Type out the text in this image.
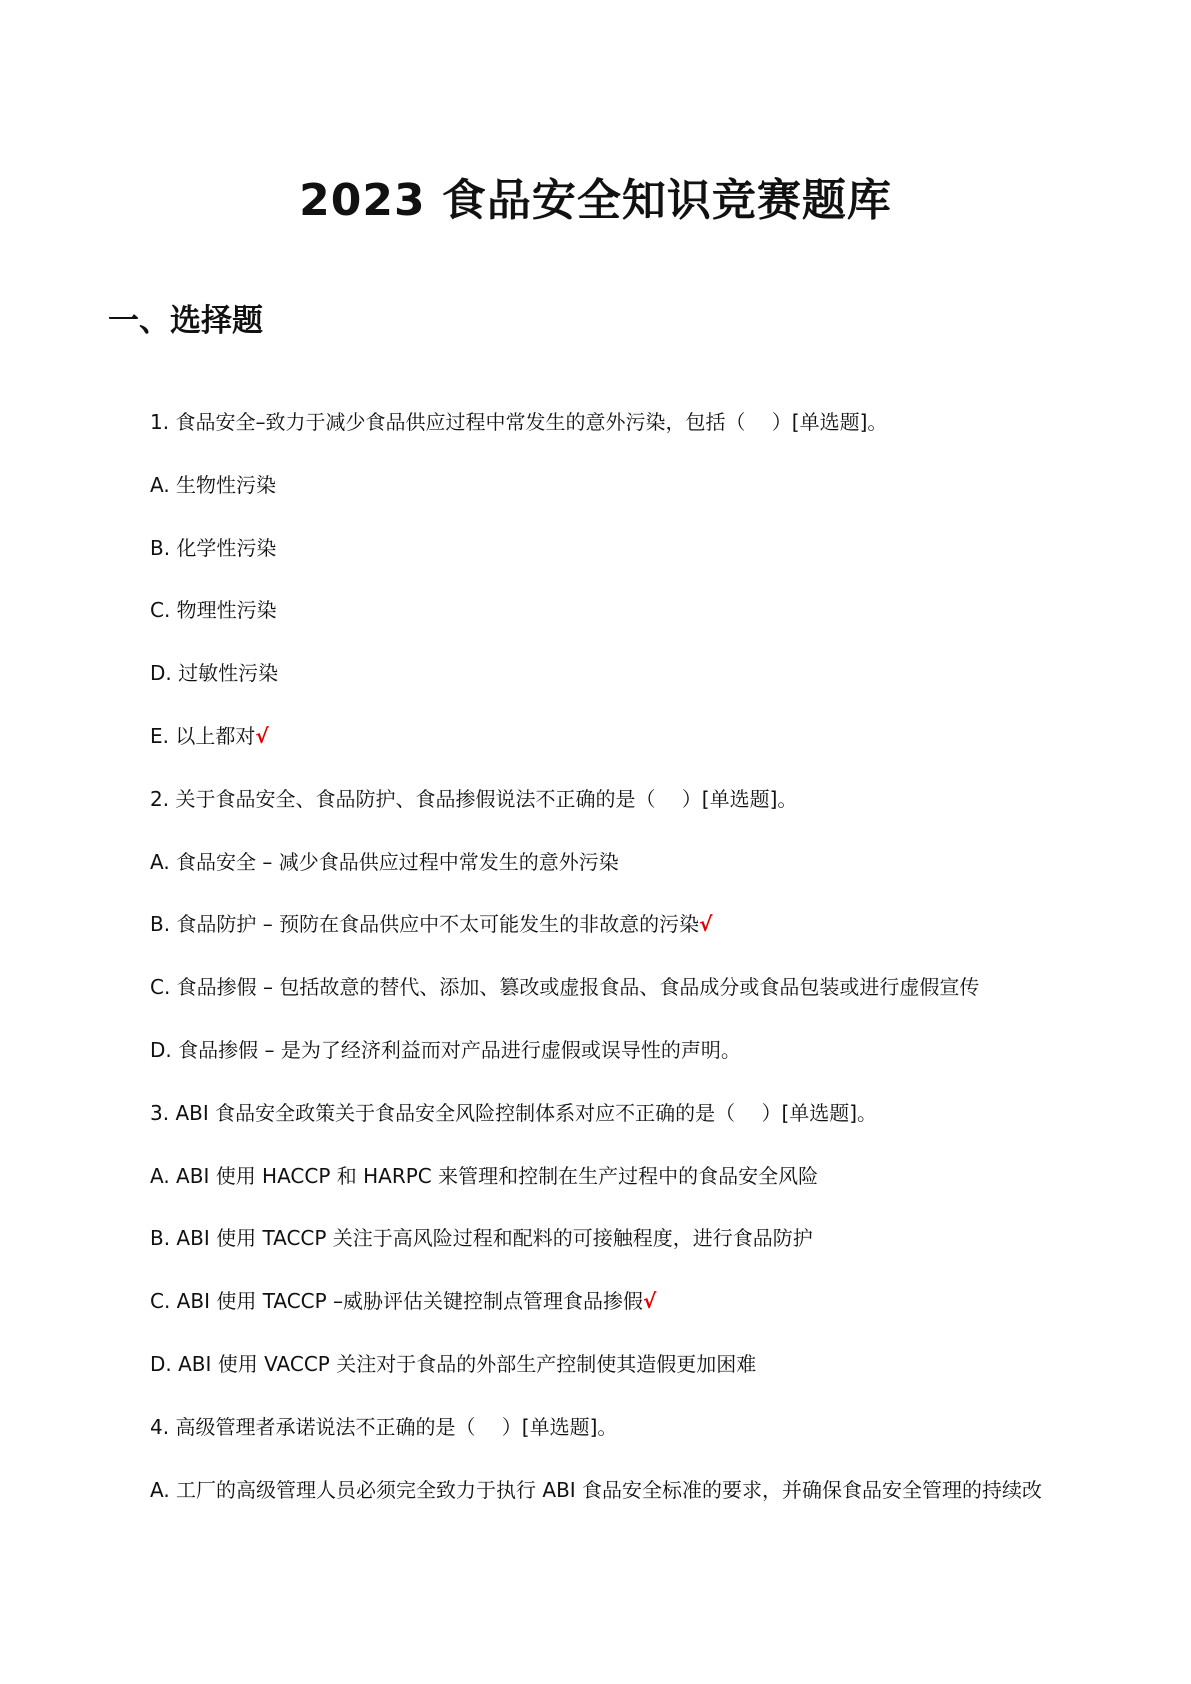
2023 食品安全知识竞赛题库
一、选择题
1. 食品安全–致力于减少食品供应过程中常发生的意外污染，包括（　 ）[单选题]。
A. 生物性污染
B. 化学性污染
C. 物理性污染
D. 过敏性污染
E. 以上都对√
2. 关于食品安全、食品防护、食品掺假说法不正确的是（　 ）[单选题]。
A. 食品安全 – 减少食品供应过程中常发生的意外污染
B. 食品防护 – 预防在食品供应中不太可能发生的非故意的污染√
C. 食品掺假 – 包括故意的替代、添加、篡改或虚报食品、食品成分或食品包装或进行虚假宣传
D. 食品掺假 – 是为了经济利益而对产品进行虚假或误导性的声明。
3. ABI 食品安全政策关于食品安全风险控制体系对应不正确的是（　 ）[单选题]。
A. ABI 使用 HACCP 和 HARPC 来管理和控制在生产过程中的食品安全风险
B. ABI 使用 TACCP 关注于高风险过程和配料的可接触程度，进行食品防护
C. ABI 使用 TACCP –威胁评估关键控制点管理食品掺假√
D. ABI 使用 VACCP 关注对于食品的外部生产控制使其造假更加困难
4. 高级管理者承诺说法不正确的是（　 ）[单选题]。
A. 工厂的高级管理人员必须完全致力于执行 ABI 食品安全标准的要求，并确保食品安全管理的持续改
